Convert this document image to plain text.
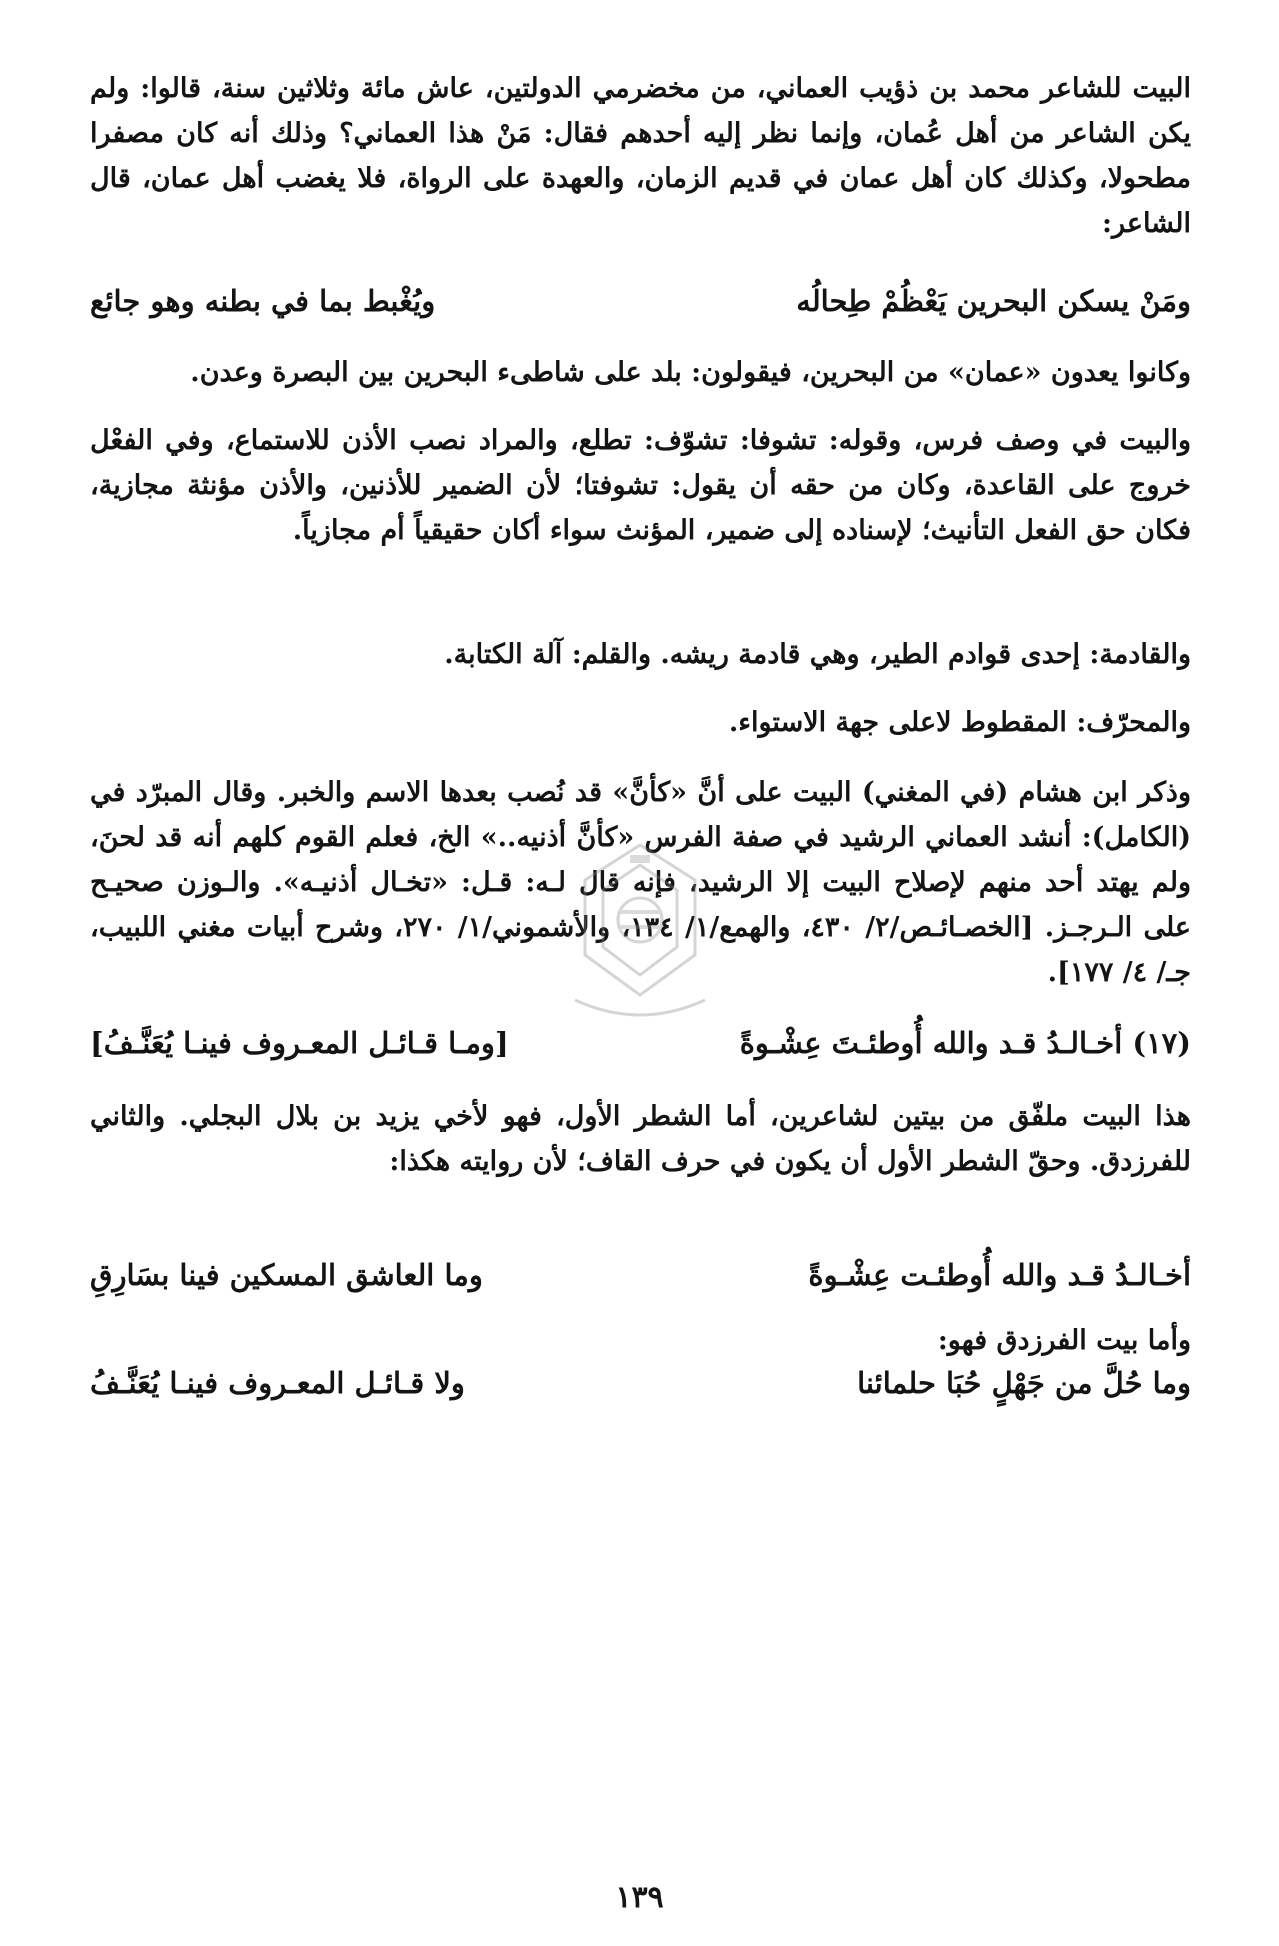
البيت للشاعر محمد بن ذؤيب العماني، من مخضرمي الدولتين، عاش مائة وثلاثين سنة، قالوا: ولم يكن الشاعر من أهل عُمان، وإنما نظر إليه أحدهم فقال: مَنْ هذا العماني؟ وذلك أنه كان مصفرا مطحولا، وكذلك كان أهل عمان في قديم الزمان، والعهدة على الرواة، فلا يغضب أهل عمان، قال الشاعر:
ومَنْ يسكن البحرين يَعْظُمْ طِحالُه
ويُغْبط بما في بطنه وهو جائع
وكانوا يعدون «عمان» من البحرين، فيقولون: بلد على شاطىء البحرين بين البصرة وعدن.
والبيت في وصف فرس، وقوله: تشوفا: تشوّف: تطلع، والمراد نصب الأذن للاستماع، وفي الفعْل خروج على القاعدة، وكان من حقه أن يقول: تشوفتا؛ لأن الضمير للأذنين، والأذن مؤنثة مجازية، فكان حق الفعل التأنيث؛ لإسناده إلى ضمير، المؤنث سواء أكان حقيقياً أم مجازياً.
والقادمة: إحدى قوادم الطير، وهي قادمة ريشه. والقلم: آلة الكتابة.
والمحرّف: المقطوط لاعلى جهة الاستواء.
وذكر ابن هشام (في المغني) البيت على أنَّ «كأنَّ» قد نُصب بعدها الاسم والخبر. وقال المبرّد في (الكامل): أنشد العماني الرشيد في صفة الفرس «كأنَّ أذنيه..» الخ، فعلم القوم كلهم أنه قد لحنَ، ولم يهتد أحد منهم لإصلاح البيت إلا الرشيد، فإنه قال لـه: قـل: «تخـال أذنيـه». والـوزن صحيـح على الـرجـز. [الخصـائـص/٢/ ٤٣٠، والهمع/١/ ١٣٤، والأشموني/١/ ٢٧٠، وشرح أبيات مغني اللبيب، جـ/ ٤/ ١٧٧].
(١٧) أخـالـدُ قـد والله أُوطئـتَ عِشْـوةً
[ومـا قـائـل المعـروف فينـا يُعَنَّـفُ]
هذا البيت ملفّق من بيتين لشاعرين، أما الشطر الأول، فهو لأخي يزيد بن بلال البجلي. والثاني للفرزدق. وحقّ الشطر الأول أن يكون في حرف القاف؛ لأن روايته هكذا:
أخـالـدُ قـد والله أُوطئـت عِشْـوةً
وما العاشق المسكين فينا بسَارِقِ
وأما بيت الفرزدق فهو:
وما حُلَّ من جَهْلٍ حُبَا حلمائنا
ولا قـائـل المعـروف فينـا يُعَنَّـفُ
١٣٩
